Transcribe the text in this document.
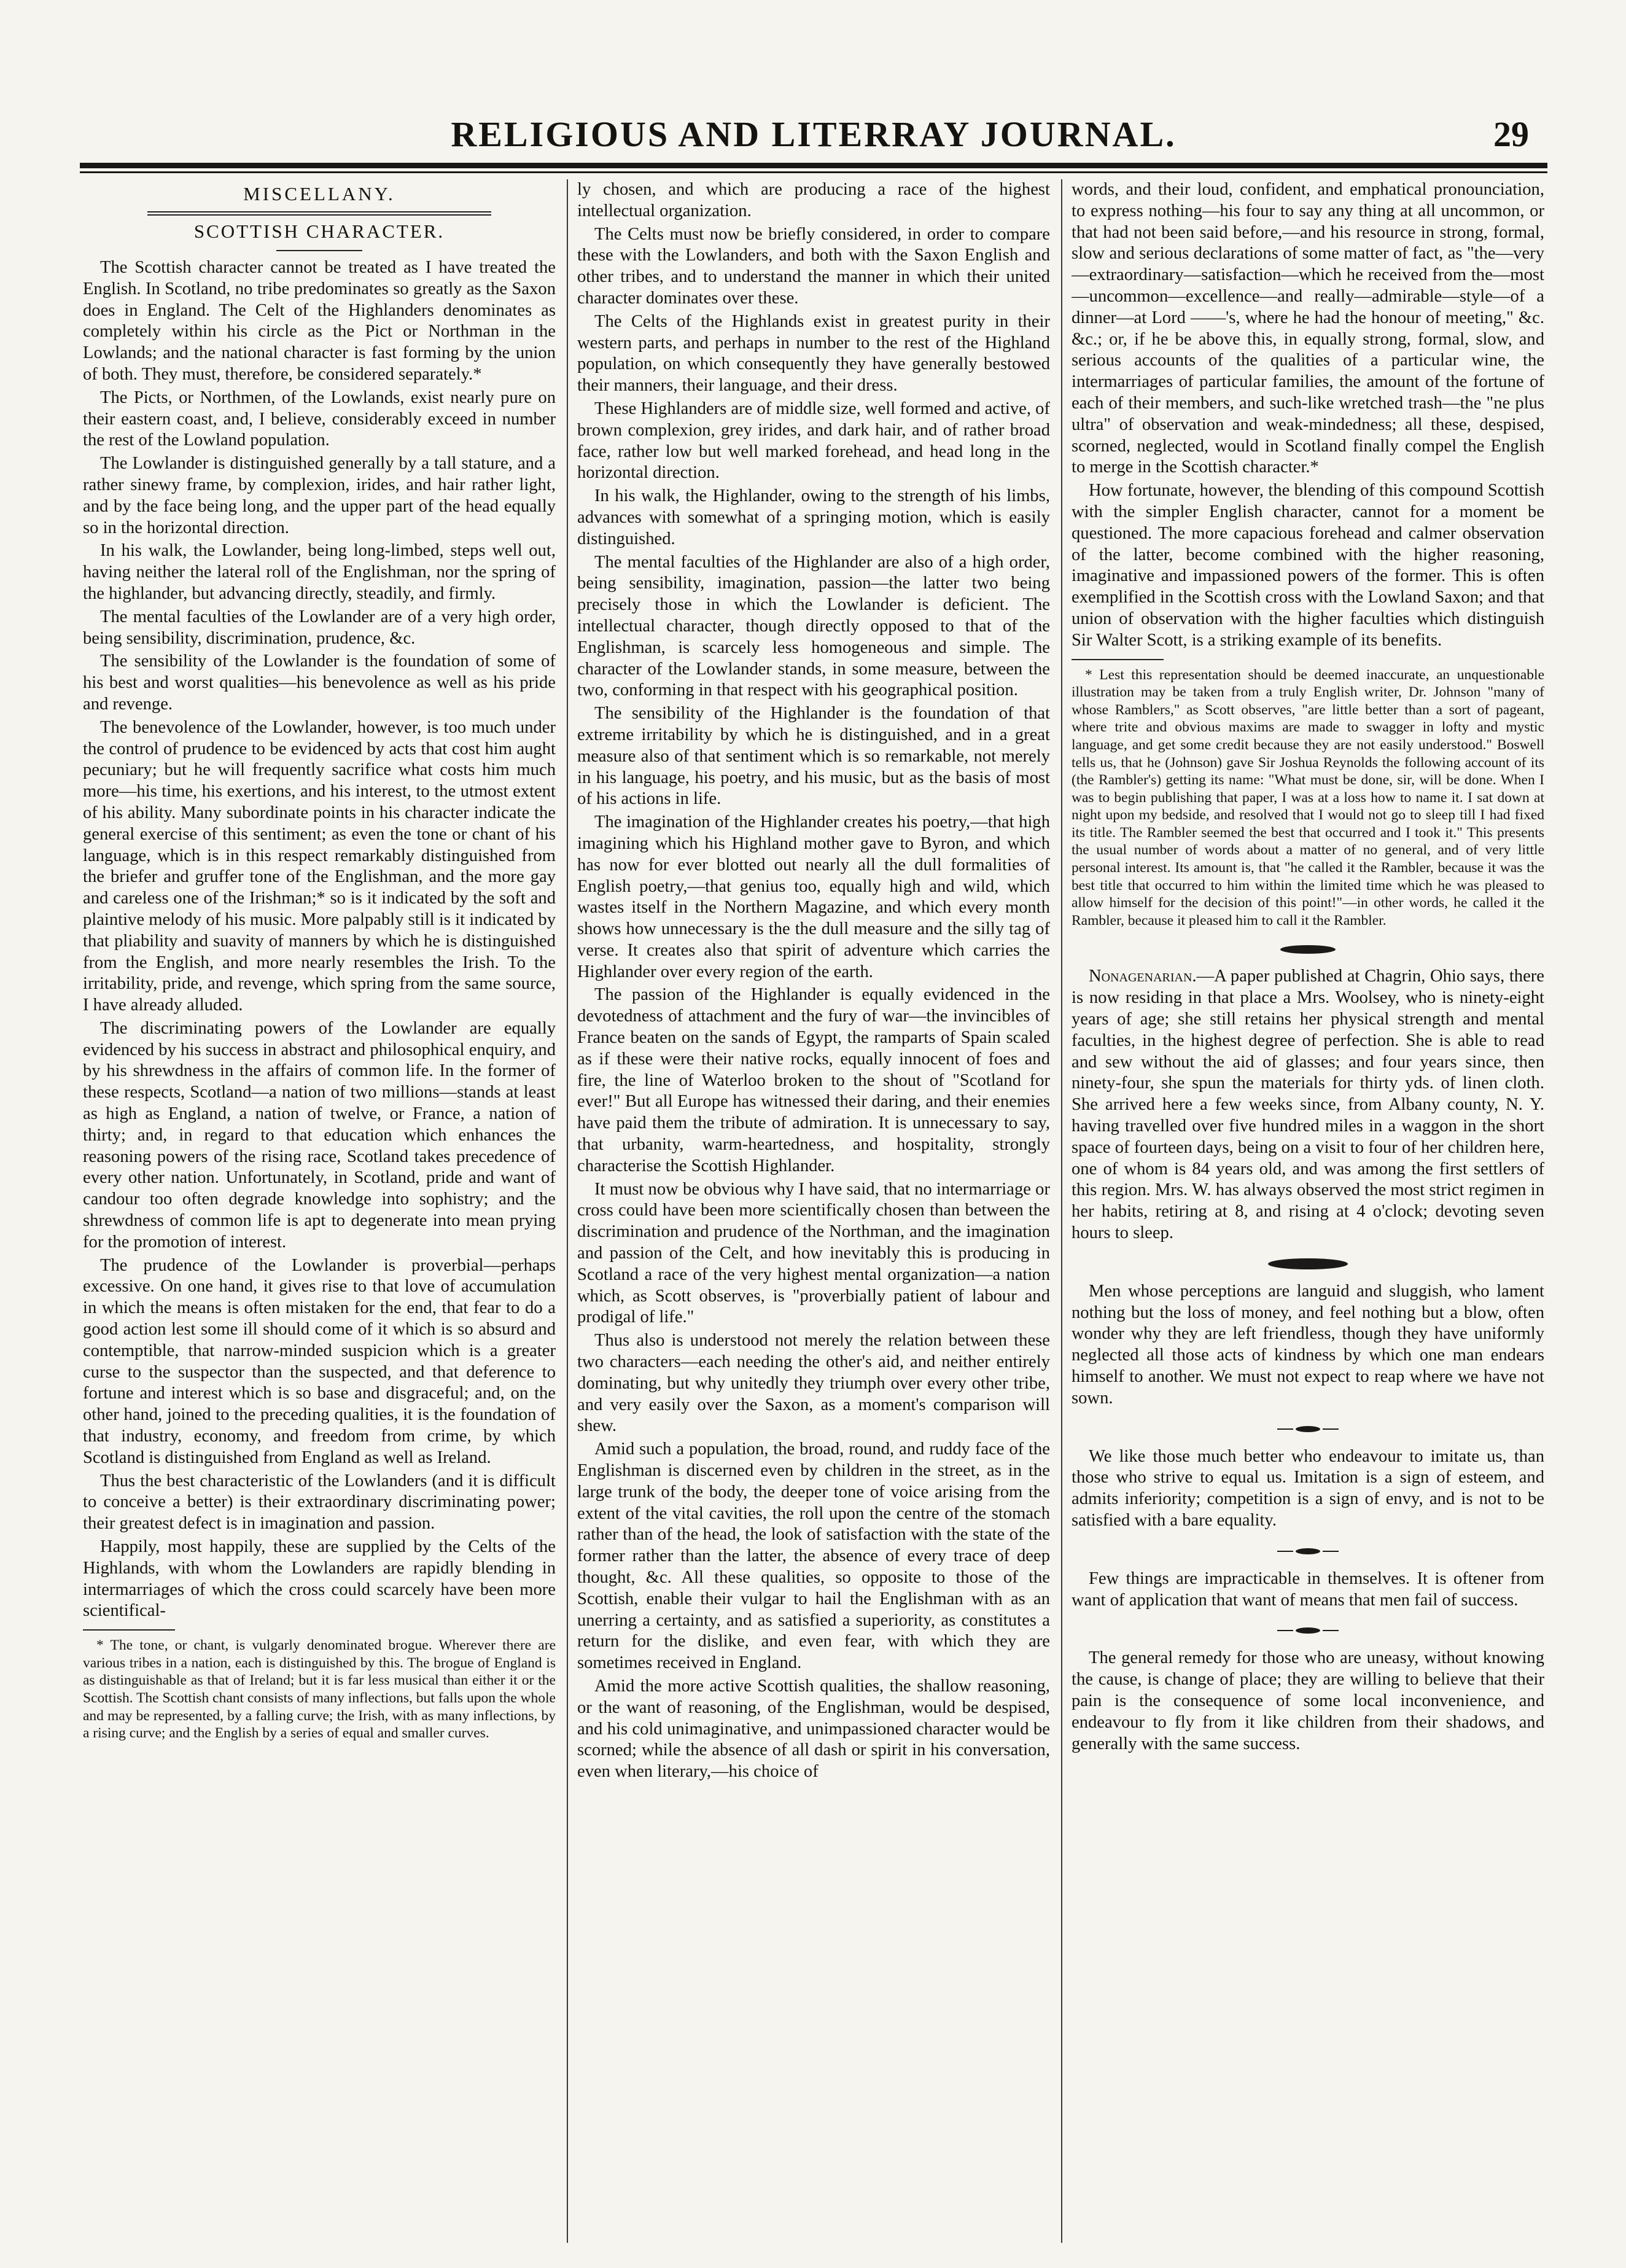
RELIGIOUS AND LITERRAY JOURNAL.	29
MISCELLANY.
SCOTTISH CHARACTER.

The Scottish character cannot be treated as I have treated the English. In Scotland, no tribe predominates so greatly as the Saxon does in England. The Celt of the Highlanders denominates as completely within his circle as the Pict or Northman in the Lowlands; and the national character is fast forming by the union of both. They must, therefore, be considered separately.*

The Picts, or Northmen, of the Lowlands, exist nearly pure on their eastern coast, and, I believe, considerably exceed in number the rest of the Lowland population.

The Lowlander is distinguished generally by a tall stature, and a rather sinewy frame, by complexion, irides, and hair rather light, and by the face being long, and the upper part of the head equally so in the horizontal direction.

In his walk, the Lowlander, being long-limbed, steps well out, having neither the lateral roll of the Englishman, nor the spring of the highlander, but advancing directly, steadily, and firmly.

The mental faculties of the Lowlander are of a very high order, being sensibility, discrimination, prudence, &c.

The sensibility of the Lowlander is the foundation of some of his best and worst qualities—his benevolence as well as his pride and revenge.

The benevolence of the Lowlander, however, is too much under the control of prudence to be evidenced by acts that cost him aught pecuniary; but he will frequently sacrifice what costs him much more—his time, his exertions, and his interest, to the utmost extent of his ability. Many subordinate points in his character indicate the general exercise of this sentiment; as even the tone or chant of his language, which is in this respect remarkably distinguished from the briefer and gruffer tone of the Englishman, and the more gay and careless one of the Irishman;* so is it indicated by the soft and plaintive melody of his music. More palpably still is it indicated by that pliability and suavity of manners by which he is distinguished from the English, and more nearly resembles the Irish. To the irritability, pride, and revenge, which spring from the same source, I have already alluded.

The discriminating powers of the Lowlander are equally evidenced by his success in abstract and philosophical enquiry, and by his shrewdness in the affairs of common life. In the former of these respects, Scotland—a nation of two millions—stands at least as high as England, a nation of twelve, or France, a nation of thirty; and, in regard to that education which enhances the reasoning powers of the rising race, Scotland takes precedence of every other nation. Unfortunately, in Scotland, pride and want of candour too often degrade knowledge into sophistry; and the shrewdness of common life is apt to degenerate into mean prying for the promotion of interest.

The prudence of the Lowlander is proverbial—perhaps excessive. On one hand, it gives rise to that love of accumulation in which the means is often mistaken for the end, that fear to do a good action lest some ill should come of it which is so absurd and contemptible, that narrow-minded suspicion which is a greater curse to the suspector than the suspected, and that deference to fortune and interest which is so base and disgraceful; and, on the other hand, joined to the preceding qualities, it is the foundation of that industry, economy, and freedom from crime, by which Scotland is distinguished from England as well as Ireland.

Thus the best characteristic of the Lowlanders (and it is difficult to conceive a better) is their extraordinary discriminating power; their greatest defect is in imagination and passion.

Happily, most happily, these are supplied by the Celts of the Highlands, with whom the Lowlanders are rapidly blending in intermarriages of which the cross could scarcely have been more scientifical-

* The tone, or chant, is vulgarly denominated brogue. Wherever there are various tribes in a nation, each is distinguished by this. The brogue of England is as distinguishable as that of Ireland; but it is far less musical than either it or the Scottish. The Scottish chant consists of many inflections, but falls upon the whole and may be represented, by a falling curve; the Irish, with as many inflections, by a rising curve; and the English by a series of equal and smaller curves.

ly chosen, and which are producing a race of the highest intellectual organization.

The Celts must now be briefly considered, in order to compare these with the Lowlanders, and both with the Saxon English and other tribes, and to understand the manner in which their united character dominates over these.

The Celts of the Highlands exist in greatest purity in their western parts, and perhaps in number to the rest of the Highland population, on which consequently they have generally bestowed their manners, their language, and their dress.

These Highlanders are of middle size, well formed and active, of brown complexion, grey irides, and dark hair, and of rather broad face, rather low but well marked forehead, and head long in the horizontal direction.

In his walk, the Highlander, owing to the strength of his limbs, advances with somewhat of a springing motion, which is easily distinguished.

The mental faculties of the Highlander are also of a high order, being sensibility, imagination, passion—the latter two being precisely those in which the Lowlander is deficient. The intellectual character, though directly opposed to that of the Englishman, is scarcely less homogeneous and simple. The character of the Lowlander stands, in some measure, between the two, conforming in that respect with his geographical position.

The sensibility of the Highlander is the foundation of that extreme irritability by which he is distinguished, and in a great measure also of that sentiment which is so remarkable, not merely in his language, his poetry, and his music, but as the basis of most of his actions in life.

The imagination of the Highlander creates his poetry,—that high imagining which his Highland mother gave to Byron, and which has now for ever blotted out nearly all the dull formalities of English poetry,—that genius too, equally high and wild, which wastes itself in the Northern Magazine, and which every month shows how unnecessary is the the dull measure and the silly tag of verse. It creates also that spirit of adventure which carries the Highlander over every region of the earth.

The passion of the Highlander is equally evidenced in the devotedness of attachment and the fury of war—the invincibles of France beaten on the sands of Egypt, the ramparts of Spain scaled as if these were their native rocks, equally innocent of foes and fire, the line of Waterloo broken to the shout of "Scotland for ever!" But all Europe has witnessed their daring, and their enemies have paid them the tribute of admiration. It is unnecessary to say, that urbanity, warm-heartedness, and hospitality, strongly characterise the Scottish Highlander.

It must now be obvious why I have said, that no intermarriage or cross could have been more scientifically chosen than between the discrimination and prudence of the Northman, and the imagination and passion of the Celt, and how inevitably this is producing in Scotland a race of the very highest mental organization—a nation which, as Scott observes, is "proverbially patient of labour and prodigal of life."

Thus also is understood not merely the relation between these two characters—each needing the other's aid, and neither entirely dominating, but why unitedly they triumph over every other tribe, and very easily over the Saxon, as a moment's comparison will shew.

Amid such a population, the broad, round, and ruddy face of the Englishman is discerned even by children in the street, as in the large trunk of the body, the deeper tone of voice arising from the extent of the vital cavities, the roll upon the centre of the stomach rather than of the head, the look of satisfaction with the state of the former rather than the latter, the absence of every trace of deep thought, &c. All these qualities, so opposite to those of the Scottish, enable their vulgar to hail the Englishman with as an unerring a certainty, and as satisfied a superiority, as constitutes a return for the dislike, and even fear, with which they are sometimes received in England.

Amid the more active Scottish qualities, the shallow reasoning, or the want of reasoning, of the Englishman, would be despised, and his cold unimaginative, and unimpassioned character would be scorned; while the absence of all dash or spirit in his conversation, even when literary,—his choice of

words, and their loud, confident, and emphatical pronounciation, to express nothing—his four to say any thing at all uncommon, or that had not been said before,—and his resource in strong, formal, slow and serious declarations of some matter of fact, as "the—very—extraordinary—satisfaction—which he received from the—most—uncommon—excellence—and really—admirable—style—of a dinner—at Lord ——'s, where he had the honour of meeting," &c. &c.; or, if he be above this, in equally strong, formal, slow, and serious accounts of the qualities of a particular wine, the intermarriages of particular families, the amount of the fortune of each of their members, and such-like wretched trash—the "ne plus ultra" of observation and weak-mindedness; all these, despised, scorned, neglected, would in Scotland finally compel the English to merge in the Scottish character.*

How fortunate, however, the blending of this compound Scottish with the simpler English character, cannot for a moment be questioned. The more capacious forehead and calmer observation of the latter, become combined with the higher reasoning, imaginative and impassioned powers of the former. This is often exemplified in the Scottish cross with the Lowland Saxon; and that union of observation with the higher faculties which distinguish Sir Walter Scott, is a striking example of its benefits.

* Lest this representation should be deemed inaccurate, an unquestionable illustration may be taken from a truly English writer, Dr. Johnson "many of whose Ramblers," as Scott observes, "are little better than a sort of pageant, where trite and obvious maxims are made to swagger in lofty and mystic language, and get some credit because they are not easily understood." Boswell tells us, that he (Johnson) gave Sir Joshua Reynolds the following account of its (the Rambler's) getting its name: "What must be done, sir, will be done. When I was to begin publishing that paper, I was at a loss how to name it. I sat down at night upon my bedside, and resolved that I would not go to sleep till I had fixed its title. The Rambler seemed the best that occurred and I took it." This presents the usual number of words about a matter of no general, and of very little personal interest. Its amount is, that "he called it the Rambler, because it was the best title that occurred to him within the limited time which he was pleased to allow himself for the decision of this point!"—in other words, he called it the Rambler, because it pleased him to call it the Rambler.

Nonagenarian.—A paper published at Chagrin, Ohio says, there is now residing in that place a Mrs. Woolsey, who is ninety-eight years of age; she still retains her physical strength and mental faculties, in the highest degree of perfection. She is able to read and sew without the aid of glasses; and four years since, then ninety-four, she spun the materials for thirty yds. of linen cloth. She arrived here a few weeks since, from Albany county, N. Y. having travelled over five hundred miles in a waggon in the short space of fourteen days, being on a visit to four of her children here, one of whom is 84 years old, and was among the first settlers of this region. Mrs. W. has always observed the most strict regimen in her habits, retiring at 8, and rising at 4 o'clock; devoting seven hours to sleep.

Men whose perceptions are languid and sluggish, who lament nothing but the loss of money, and feel nothing but a blow, often wonder why they are left friendless, though they have uniformly neglected all those acts of kindness by which one man endears himself to another. We must not expect to reap where we have not sown.

We like those much better who endeavour to imitate us, than those who strive to equal us. Imitation is a sign of esteem, and admits inferiority; competition is a sign of envy, and is not to be satisfied with a bare equality.

Few things are impracticable in themselves. It is oftener from want of application that want of means that men fail of success.

The general remedy for those who are uneasy, without knowing the cause, is change of place; they are willing to believe that their pain is the consequence of some local inconvenience, and endeavour to fly from it like children from their shadows, and generally with the same success.
